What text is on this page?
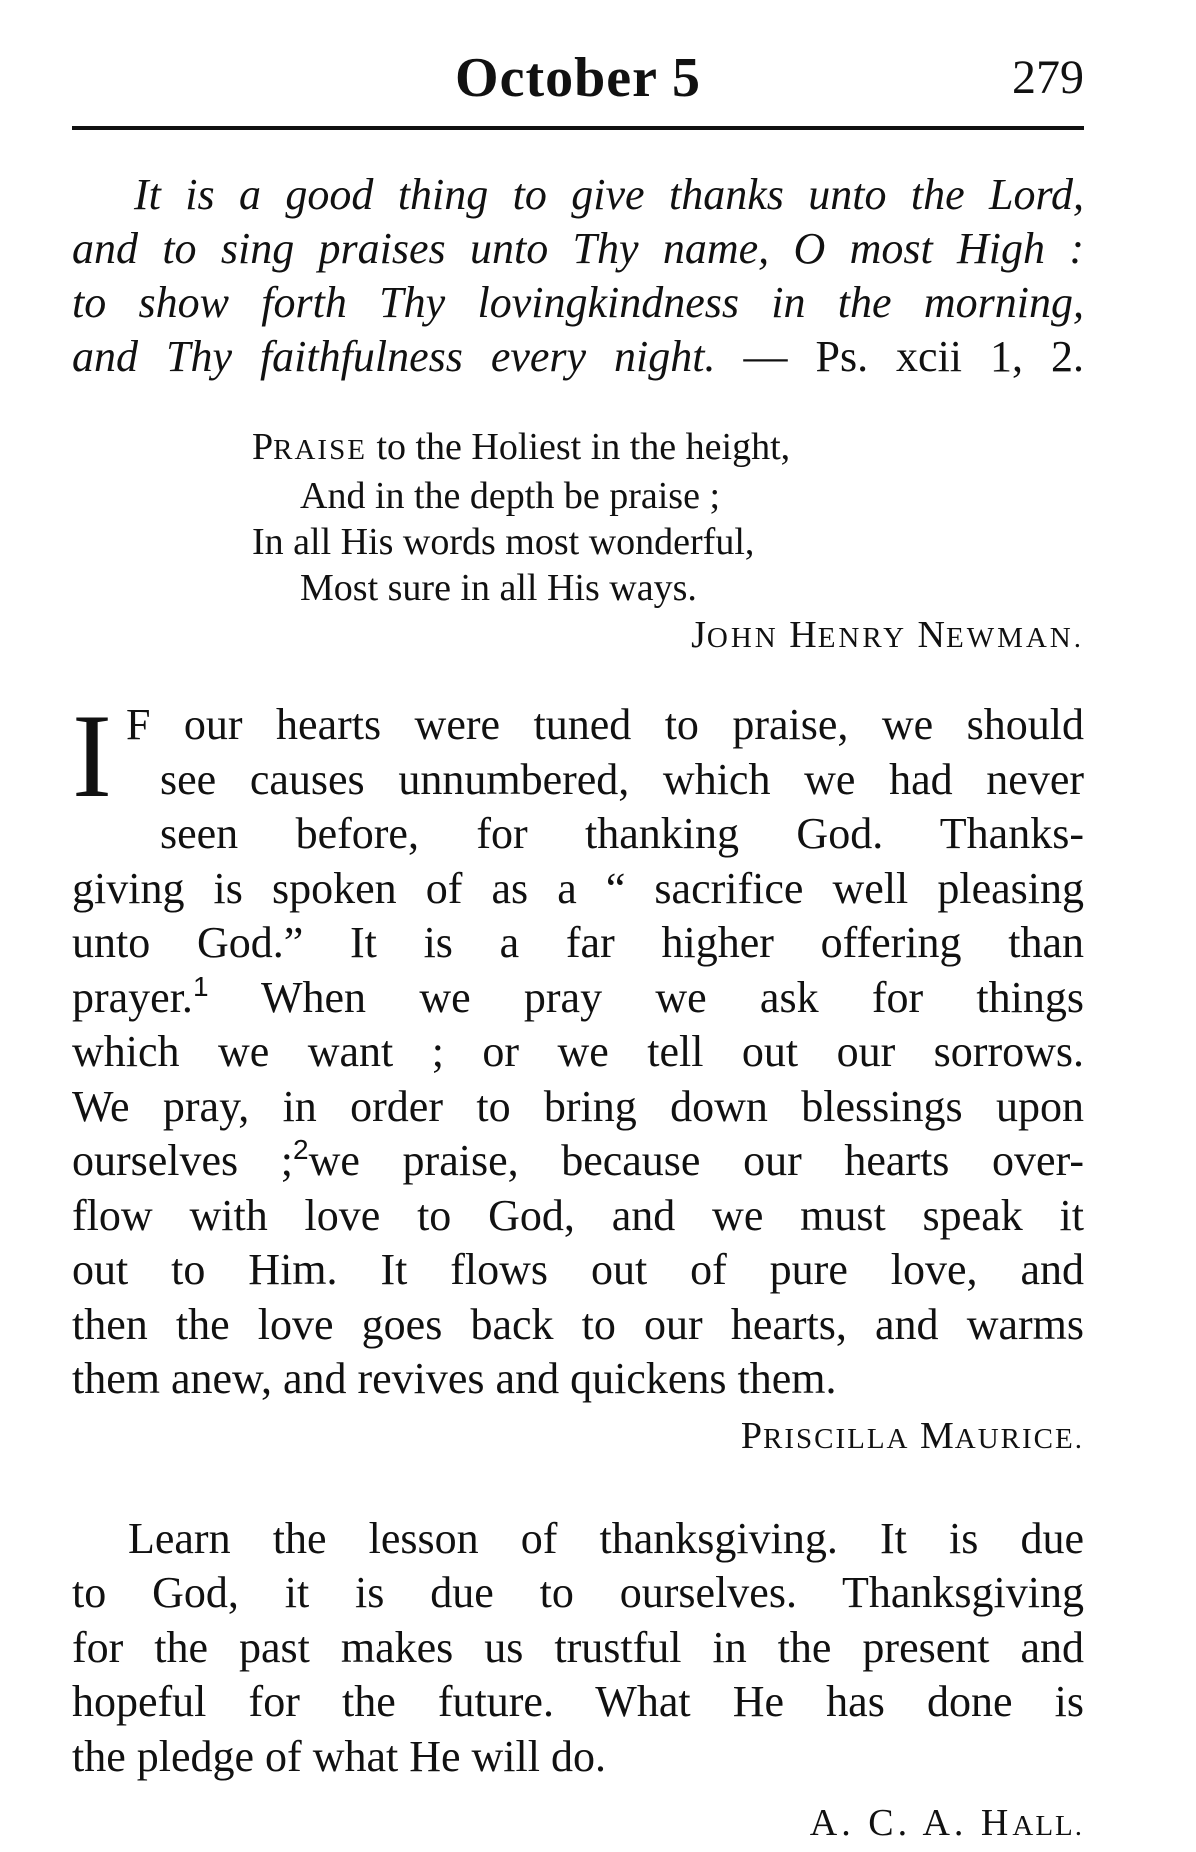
October 5	279
It is a good thing to give thanks unto the Lord,
and to sing praises unto Thy name, O most High :
to show forth Thy lovingkindness in the morning,
and Thy faithfulness every night. — Ps. xcii 1, 2.
PRAISE to the Holiest in the height,
And in the depth be praise ;
In all His words most wonderful,
Most sure in all His ways.
JOHN HENRY NEWMAN.
I F our hearts were tuned to praise, we should
see causes unnumbered, which we had never
seen before, for thanking God. Thanks-
giving is spoken of as a “ sacrifice well pleasing
unto God.” It is a far higher offering than
prayer.$^1$ When we pray we ask for things
which we want ; or we tell out our sorrows.
We pray, in order to bring down blessings upon
ourselves ;$^2$we praise, because our hearts over-
flow with love to God, and we must speak it
out to Him. It flows out of pure love, and
then the love goes back to our hearts, and warms
them anew, and revives and quickens them.
PRISCILLA MAURICE.
Learn the lesson of thanksgiving. It is due
to God, it is due to ourselves. Thanksgiving
for the past makes us trustful in the present and
hopeful for the future. What He has done is
the pledge of what He will do.
A. C. A. HALL.
